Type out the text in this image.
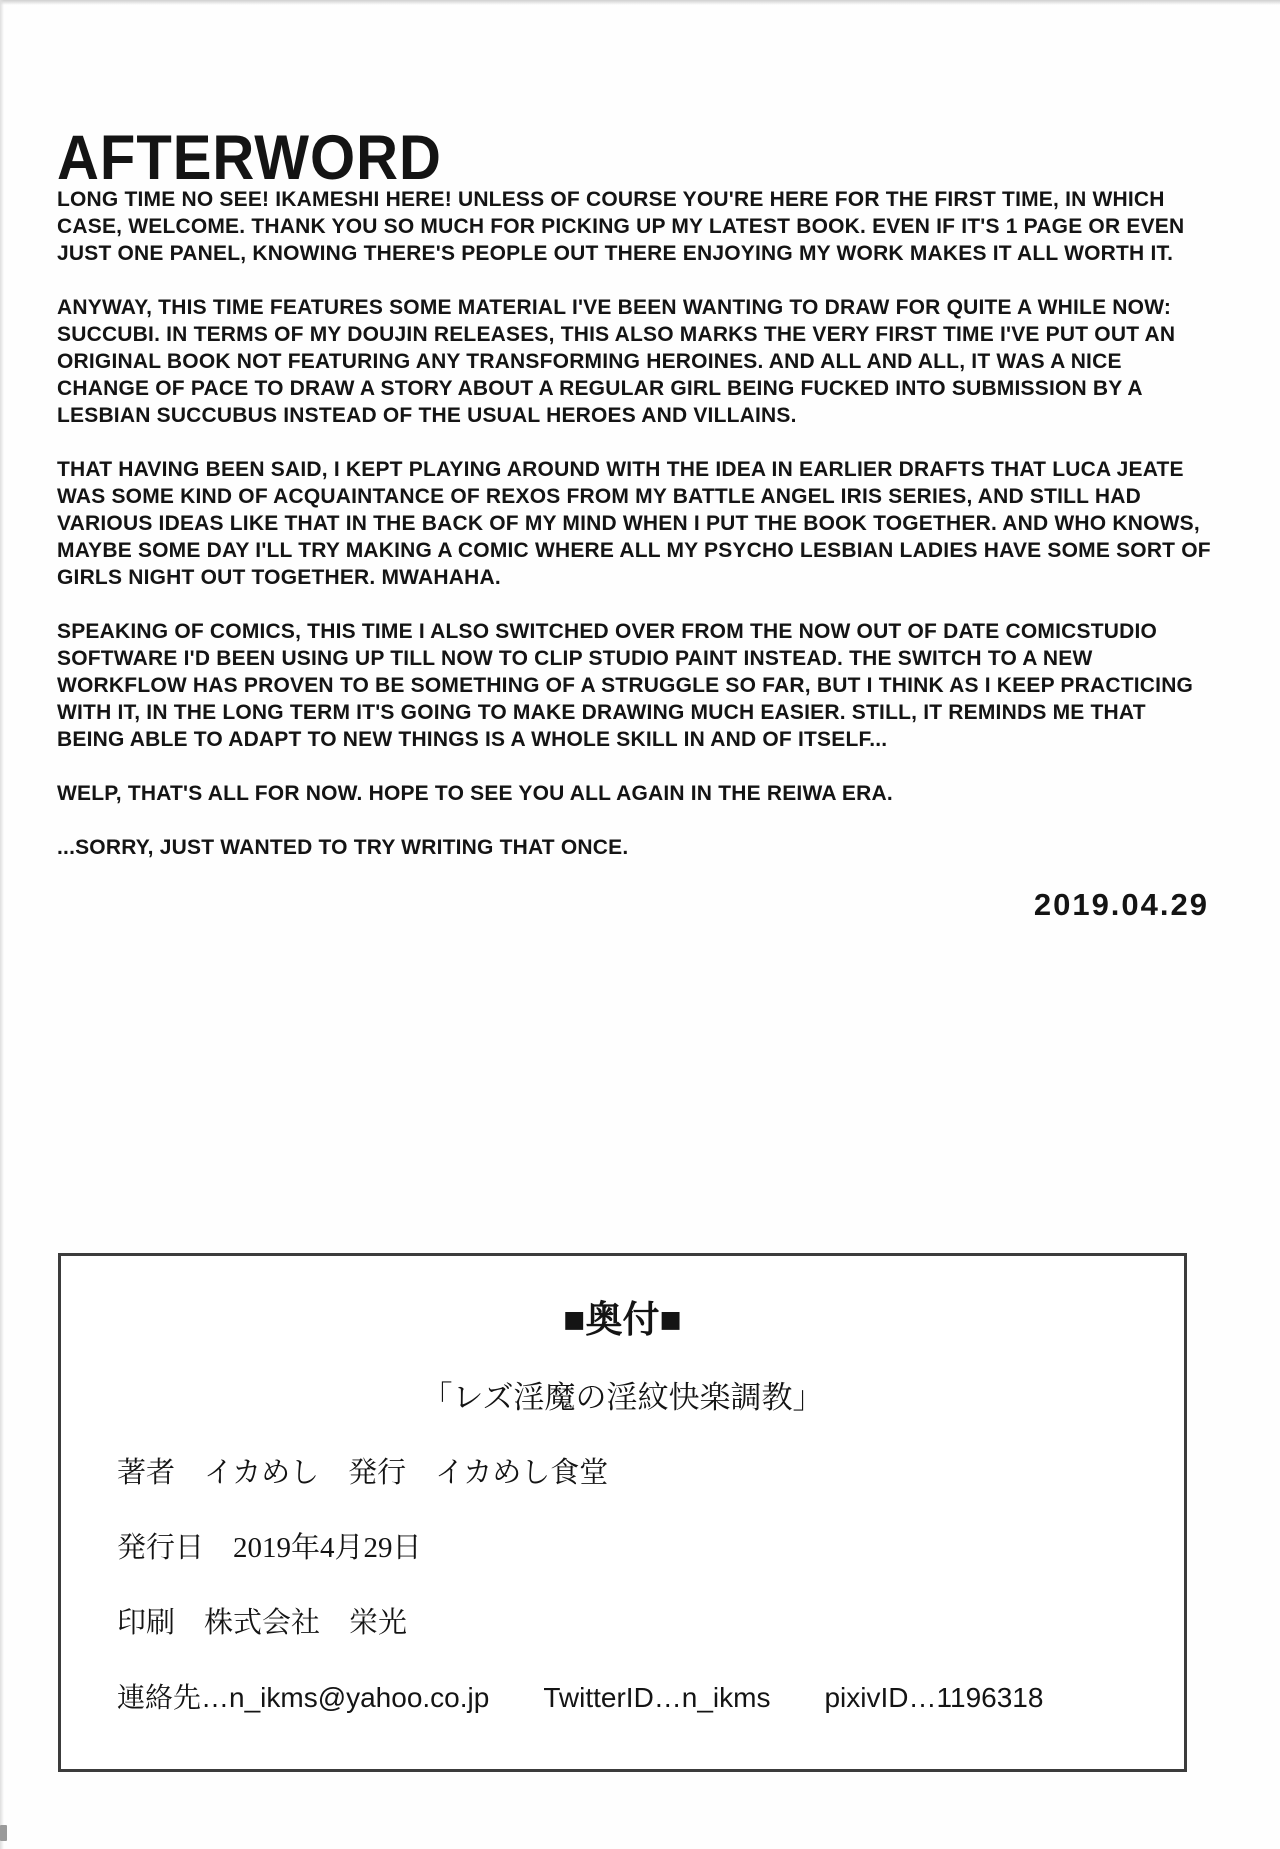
AFTERWORD

LONG TIME NO SEE! IKAMESHI HERE! UNLESS OF COURSE YOU'RE HERE FOR THE FIRST TIME, IN WHICH CASE, WELCOME. THANK YOU SO MUCH FOR PICKING UP MY LATEST BOOK. EVEN IF IT'S 1 PAGE OR EVEN JUST ONE PANEL, KNOWING THERE'S PEOPLE OUT THERE ENJOYING MY WORK MAKES IT ALL WORTH IT.

ANYWAY, THIS TIME FEATURES SOME MATERIAL I'VE BEEN WANTING TO DRAW FOR QUITE A WHILE NOW: SUCCUBI. IN TERMS OF MY DOUJIN RELEASES, THIS ALSO MARKS THE VERY FIRST TIME I'VE PUT OUT AN ORIGINAL BOOK NOT FEATURING ANY TRANSFORMING HEROINES. AND ALL AND ALL, IT WAS A NICE CHANGE OF PACE TO DRAW A STORY ABOUT A REGULAR GIRL BEING FUCKED INTO SUBMISSION BY A LESBIAN SUCCUBUS INSTEAD OF THE USUAL HEROES AND VILLAINS.

THAT HAVING BEEN SAID, I KEPT PLAYING AROUND WITH THE IDEA IN EARLIER DRAFTS THAT LUCA JEATE WAS SOME KIND OF ACQUAINTANCE OF REXOS FROM MY BATTLE ANGEL IRIS SERIES, AND STILL HAD VARIOUS IDEAS LIKE THAT IN THE BACK OF MY MIND WHEN I PUT THE BOOK TOGETHER. AND WHO KNOWS, MAYBE SOME DAY I'LL TRY MAKING A COMIC WHERE ALL MY PSYCHO LESBIAN LADIES HAVE SOME SORT OF GIRLS NIGHT OUT TOGETHER. MWAHAHA.

SPEAKING OF COMICS, THIS TIME I ALSO SWITCHED OVER FROM THE NOW OUT OF DATE COMICSTUDIO SOFTWARE I'D BEEN USING UP TILL NOW TO CLIP STUDIO PAINT INSTEAD. THE SWITCH TO A NEW WORKFLOW HAS PROVEN TO BE SOMETHING OF A STRUGGLE SO FAR, BUT I THINK AS I KEEP PRACTICING WITH IT, IN THE LONG TERM IT'S GOING TO MAKE DRAWING MUCH EASIER. STILL, IT REMINDS ME THAT BEING ABLE TO ADAPT TO NEW THINGS IS A WHOLE SKILL IN AND OF ITSELF...

WELP, THAT'S ALL FOR NOW. HOPE TO SEE YOU ALL AGAIN IN THE REIWA ERA.

...SORRY, JUST WANTED TO TRY WRITING THAT ONCE.

2019.04.29
■奥付■
「レズ淫魔の淫紋快楽調教」
著者　イカめし　発行　イカめし食堂
発行日　2019年4月29日
印刷　株式会社　栄光
連絡先…n_ikms@yahoo.co.jp TwitterID…n_ikms pixivID…1196318
